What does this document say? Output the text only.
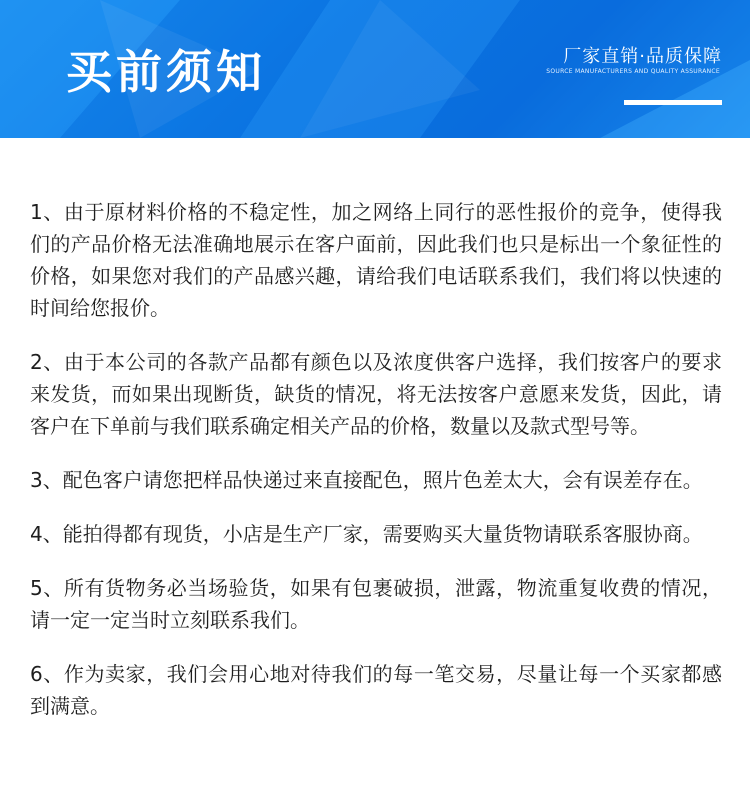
买前须知	厂家直销·品质保障
SOURCE MANUFACTURERS AND QUALITY ASSURANCE

1、由于原材料价格的不稳定性，加之网络上同行的恶性报价的竞争，使得我们的产品价格无法准确地展示在客户面前，因此我们也只是标出一个象征性的价格，如果您对我们的产品感兴趣，请给我们电话联系我们，我们将以快速的时间给您报价。

2、由于本公司的各款产品都有颜色以及浓度供客户选择，我们按客户的要求来发货，而如果出现断货，缺货的情况，将无法按客户意愿来发货，因此，请客户在下单前与我们联系确定相关产品的价格，数量以及款式型号等。

3、配色客户请您把样品快递过来直接配色，照片色差太大，会有误差存在。

4、能拍得都有现货，小店是生产厂家，需要购买大量货物请联系客服协商。

5、所有货物务必当场验货，如果有包裹破损，泄露，物流重复收费的情况，请一定一定当时立刻联系我们。

6、作为卖家，我们会用心地对待我们的每一笔交易，尽量让每一个买家都感到满意。
